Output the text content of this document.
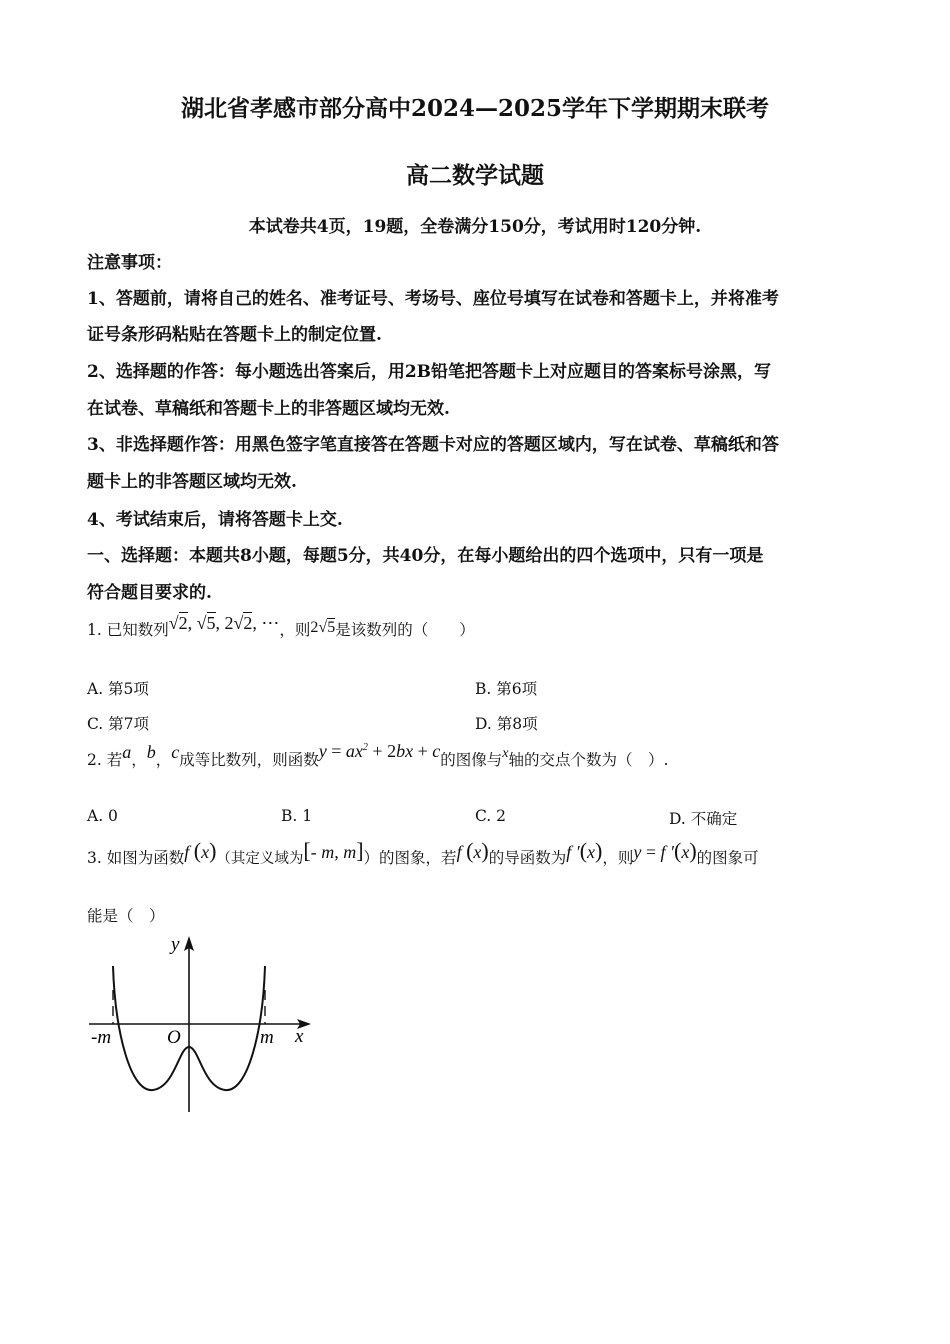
湖北省孝感市部分高中2024—2025学年下学期期末联考
高二数学试题
本试卷共4页，19题，全卷满分150分，考试用时120分钟.
注意事项：
1、答题前，请将自己的姓名、准考证号、考场号、座位号填写在试卷和答题卡上，并将准考
证号条形码粘贴在答题卡上的制定位置.
2、选择题的作答：每小题选出答案后，用2B铅笔把答题卡上对应题目的答案标号涂黑，写
在试卷、草稿纸和答题卡上的非答题区域均无效.
3、非选择题作答：用黑色签字笔直接答在答题卡对应的答题区域内，写在试卷、草稿纸和答
题卡上的非答题区域均无效.
4、考试结束后，请将答题卡上交.
一、选择题：本题共8小题，每题5分，共40分，在每小题给出的四个选项中，只有一项是
符合题目要求的.
1. 已知数列√2, √5, 2√2, ⋯，则2√5是该数列的（　　）
A. 第5项	B. 第6项
C. 第7项	D. 第8项
2. 若a，b，c成等比数列，则函数$y = ax^2 + 2bx + c$的图像与x轴的交点个数为（　）.
A. 0	B. 1	C. 2	D. 不确定
3. 如图为函数f (x)（其定义域为[- m, m]）的图象，若f (x)的导函数为f ′(x)，则y = f ′(x)的图象可
能是（　）
y
x
O
-m	m
